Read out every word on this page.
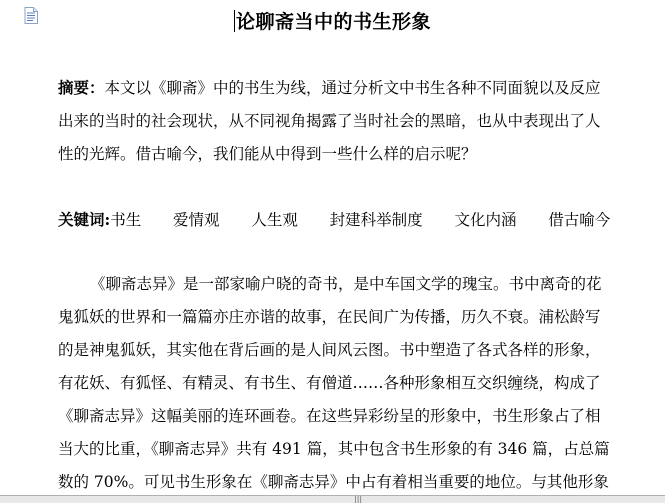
论聊斋当中的书生形象

摘要：本文以《聊斋》中的书生为线，通过分析文中书生各种不同面貌以及反应
出来的当时的社会现状，从不同视角揭露了当时社会的黑暗，也从中表现出了人
性的光辉。借古喻今，我们能从中得到一些什么样的启示呢？

关键词: 书生 爱情观 人生观 封建科举制度 文化内涵 借古喻今

《聊斋志异》是一部家喻户晓的奇书，是中车国文学的瑰宝。书中离奇的花
鬼狐妖的世界和一篇篇亦庄亦谐的故事，在民间广为传播，历久不衰。浦松龄写
的是神鬼狐妖，其实他在背后画的是人间风云图。书中塑造了各式各样的形象，
有花妖、有狐怪、有精灵、有书生、有僧道……各种形象相互交织缠绕，构成了
《聊斋志异》这幅美丽的连环画卷。在这些异彩纷呈的形象中，书生形象占了相
当大的比重，《聊斋志异》共有 491 篇，其中包含书生形象的有 346 篇，占总篇
数的 70%。可见书生形象在《聊斋志异》中占有着相当重要的地位。与其他形象

|||
